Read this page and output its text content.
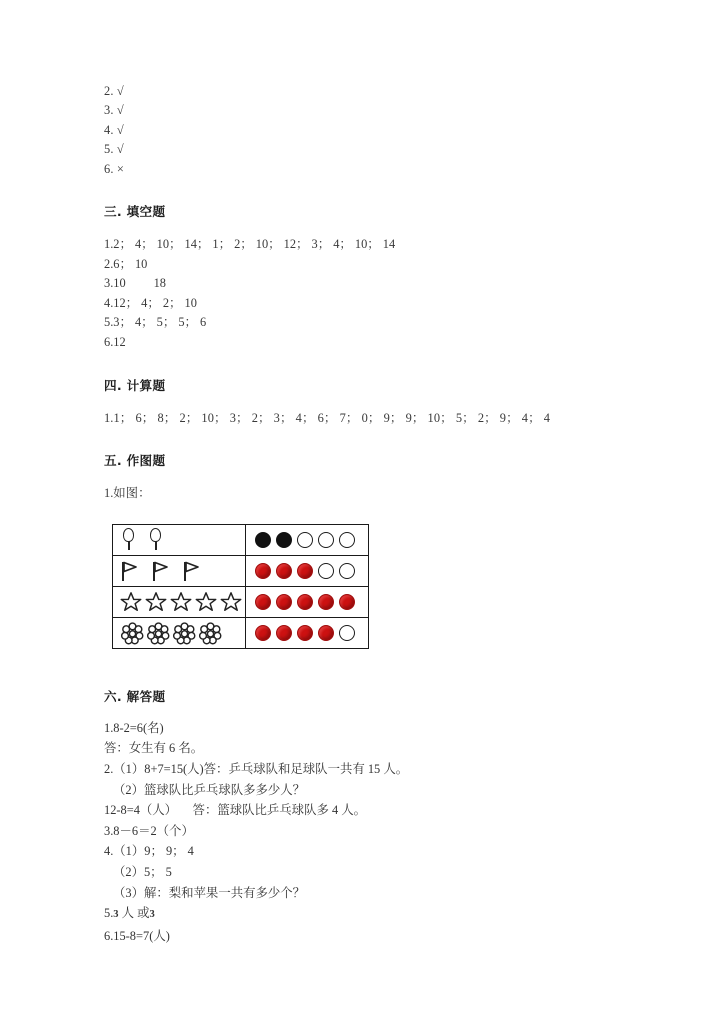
2. √
3. √
4. √
5. √
6. ×
三. 填空题
1.2； 4； 10； 14； 1； 2； 10； 12； 3； 4； 10； 14
2.6； 10
3.10   18
4.12； 4； 2； 10
5.3； 4； 5； 5； 6
6.12
四. 计算题
1.1； 6； 8； 2； 10； 3； 2； 3； 4； 6； 7； 0； 9； 9； 10； 5； 2； 9； 4； 4
五. 作图题
1.如图：

六. 解答题
1.8-2=6(名)
答：女生有 6 名。
2.（1）8+7=15(人)答：乒乓球队和足球队一共有 15 人。
（2）篮球队比乒乓球队多多少人？
12-8=4（人）  答：篮球队比乒乓球队多 4 人。
3.8－6＝2（个）
4.（1）9； 9； 4
（2）5； 5
（3）解：梨和苹果一共有多少个？
5.3 人 或3
6.15-8=7(人)
